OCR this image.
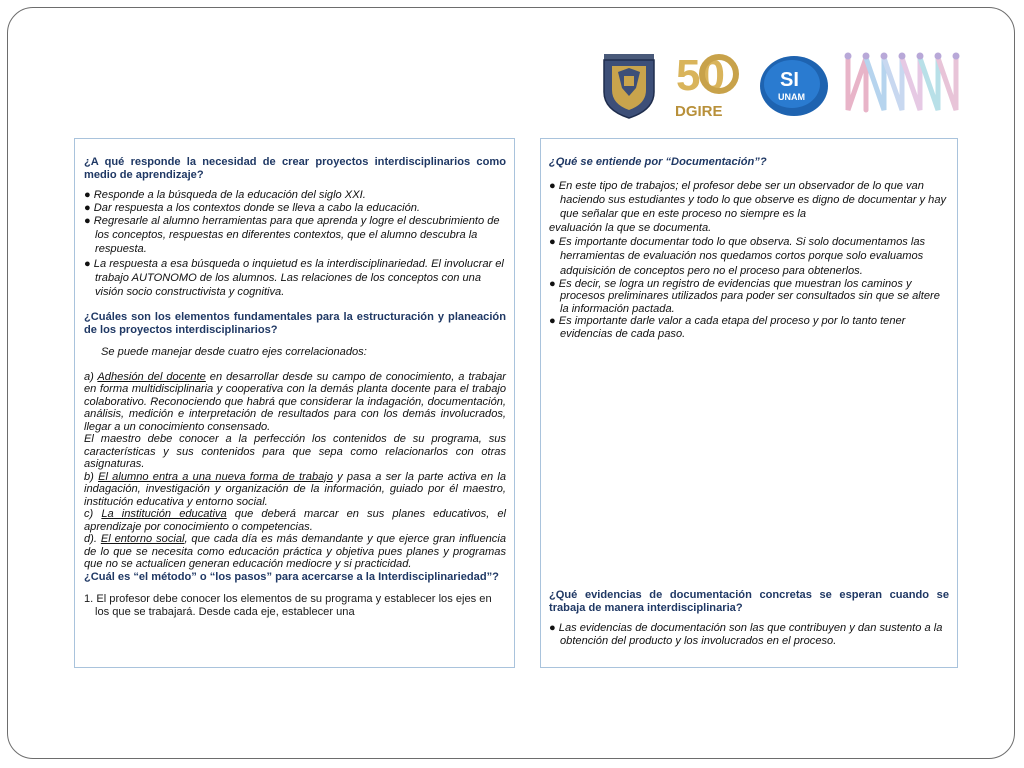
50
DGIRE
SI
UNAM
¿A qué responde la necesidad de crear proyectos interdisciplinarios como medio de aprendizaje?
● Responde a la búsqueda de la educación del siglo XXI.
● Dar respuesta a los contextos donde se lleva a cabo la educación.
● Regresarle al alumno herramientas para que aprenda y logre el descubrimiento de los conceptos, respuestas en diferentes contextos, que el alumno descubra la respuesta.
● La respuesta a esa búsqueda o inquietud es la interdisciplinariedad. El involucrar el trabajo AUTONOMO de los alumnos. Las relaciones de los conceptos con una visión socio constructivista y cognitiva.
¿Cuáles son los elementos fundamentales para la estructuración y planeación de los proyectos interdisciplinarios?
Se puede manejar desde cuatro ejes correlacionados:
a) Adhesión del docente en desarrollar desde su campo de conocimiento, a trabajar en forma multidisciplinaria y cooperativa con la demás planta docente para el trabajo colaborativo. Reconociendo que habrá que considerar la indagación, documentación, análisis, medición e interpretación de resultados para con los demás involucrados, llegar a un conocimiento consensado.
El maestro debe conocer a la perfección los contenidos de su programa, sus características y sus contenidos para que sepa como relacionarlos con otras asignaturas.
b) El alumno entra a una nueva forma de trabajo y pasa a ser la parte activa en la indagación, investigación y organización de la información, guiado por él maestro, institución educativa y entorno social.
c) La institución educativa que deberá marcar en sus planes educativos, el aprendizaje por conocimiento o competencias.
d). El entorno social, que cada día es más demandante y que ejerce gran influencia de lo que se necesita como educación práctica y objetiva pues planes y programas que no se actualicen generan educación mediocre y si practicidad.
¿Cuál es “el método” o “los pasos” para acercarse a la Interdisciplinariedad”?
1. El profesor debe conocer los elementos de su programa y establecer los ejes en los que se trabajará. Desde cada eje, establecer una
¿Qué se entiende por “Documentación”?
● En este tipo de trabajos; el profesor debe ser un observador de lo que van haciendo sus estudiantes y todo lo que observe es digno de documentar y hay que señalar que en este proceso no siempre es la
evaluación la que se documenta.
● Es importante documentar todo lo que observa. Si solo documentamos las herramientas de evaluación nos quedamos cortos porque solo evaluamos adquisición de conceptos pero no el proceso para obtenerlos.
● Es decir, se logra un registro de evidencias que muestran los caminos y procesos preliminares utilizados para poder ser consultados sin que se altere la información pactada.
● Es importante darle valor a cada etapa del proceso y por lo tanto tener evidencias de cada paso.
¿Qué evidencias de documentación concretas se esperan cuando se trabaja de manera interdisciplinaria?
● Las evidencias de documentación son las que contribuyen y dan sustento a la obtención del producto y los involucrados en el proceso.
